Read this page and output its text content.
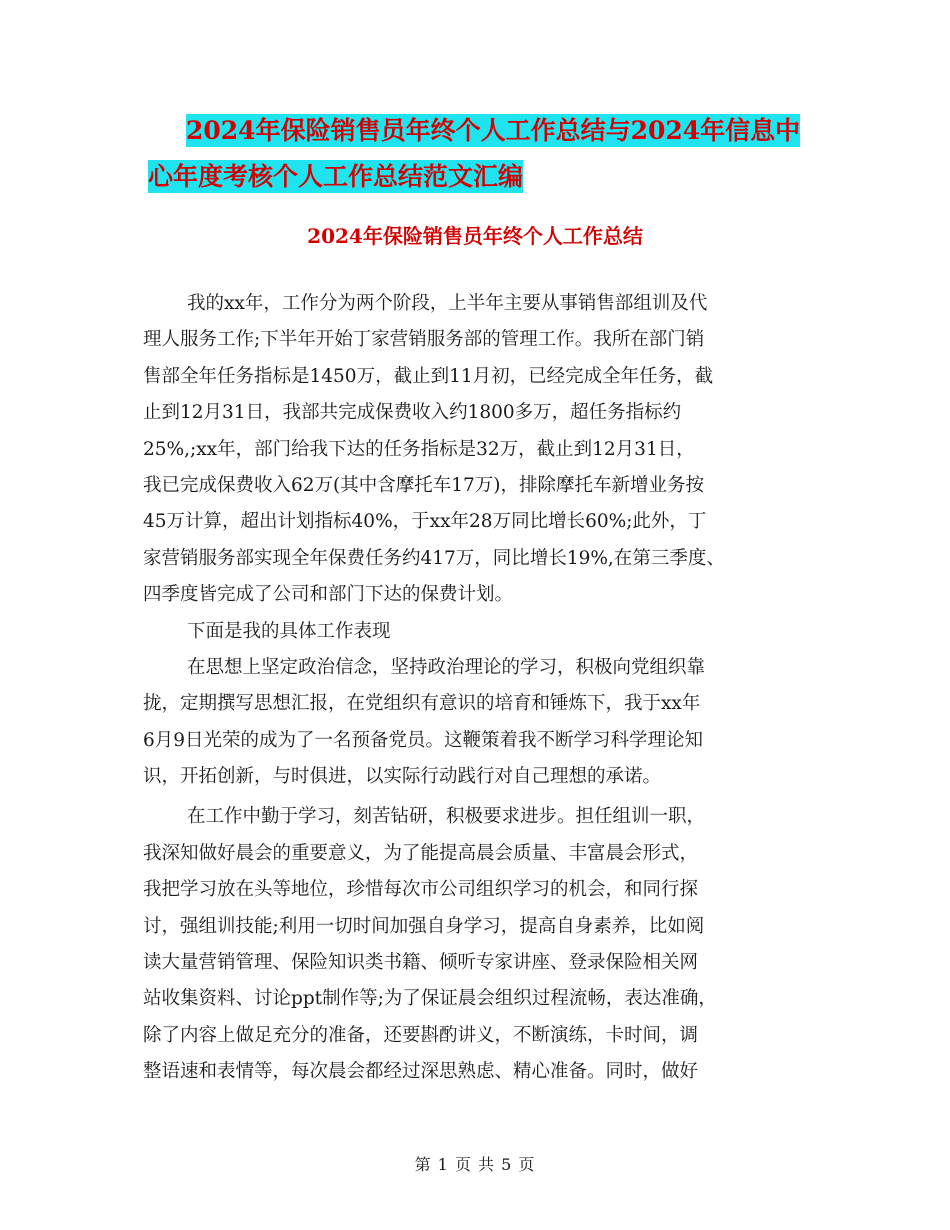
2024年保险销售员年终个人工作总结与2024年信息中
心年度考核个人工作总结范文汇编
2024年保险销售员年终个人工作总结
我的xx年，工作分为两个阶段，上半年主要从事销售部组训及代
理人服务工作;下半年开始丁家营销服务部的管理工作。我所在部门销
售部全年任务指标是1450万，截止到11月初，已经完成全年任务，截
止到12月31日，我部共完成保费收入约1800多万，超任务指标约
25%,;xx年，部门给我下达的任务指标是32万，截止到12月31日，
我已完成保费收入62万(其中含摩托车17万)，排除摩托车新增业务按
45万计算，超出计划指标40%，于xx年28万同比增长60%;此外，丁
家营销服务部实现全年保费任务约417万，同比增长19%,在第三季度、
四季度皆完成了公司和部门下达的保费计划。
下面是我的具体工作表现
在思想上坚定政治信念，坚持政治理论的学习，积极向党组织靠
拢，定期撰写思想汇报，在党组织有意识的培育和锤炼下，我于xx年
6月9日光荣的成为了一名预备党员。这鞭策着我不断学习科学理论知
识，开拓创新，与时俱进，以实际行动践行对自己理想的承诺。
在工作中勤于学习，刻苦钻研，积极要求进步。担任组训一职，
我深知做好晨会的重要意义，为了能提高晨会质量、丰富晨会形式，
我把学习放在头等地位，珍惜每次市公司组织学习的机会，和同行探
讨，强组训技能;利用一切时间加强自身学习，提高自身素养，比如阅
读大量营销管理、保险知识类书籍、倾听专家讲座、登录保险相关网
站收集资料、讨论ppt制作等;为了保证晨会组织过程流畅，表达准确，
除了内容上做足充分的准备，还要斟酌讲义，不断演练，卡时间，调
整语速和表情等，每次晨会都经过深思熟虑、精心准备。同时，做好
第 1 页 共 5 页
